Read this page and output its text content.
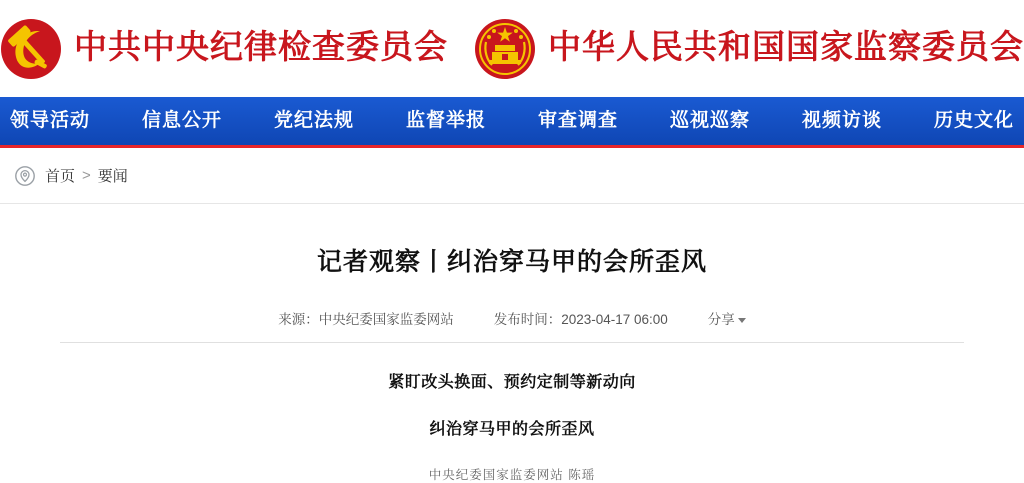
中共中央纪律检查委员会	中华人民共和国国家监察委员会
领导活动	信息公开	党纪法规	监督举报	审查调查	巡视巡察	视频访谈	历史文化
首页 > 要闻
记者观察丨纠治穿马甲的会所歪风
来源：中央纪委国家监委网站	发布时间：2023-04-17 06:00	分享
紧盯改头换面、预约定制等新动向
纠治穿马甲的会所歪风
中央纪委国家监委网站 陈瑶
